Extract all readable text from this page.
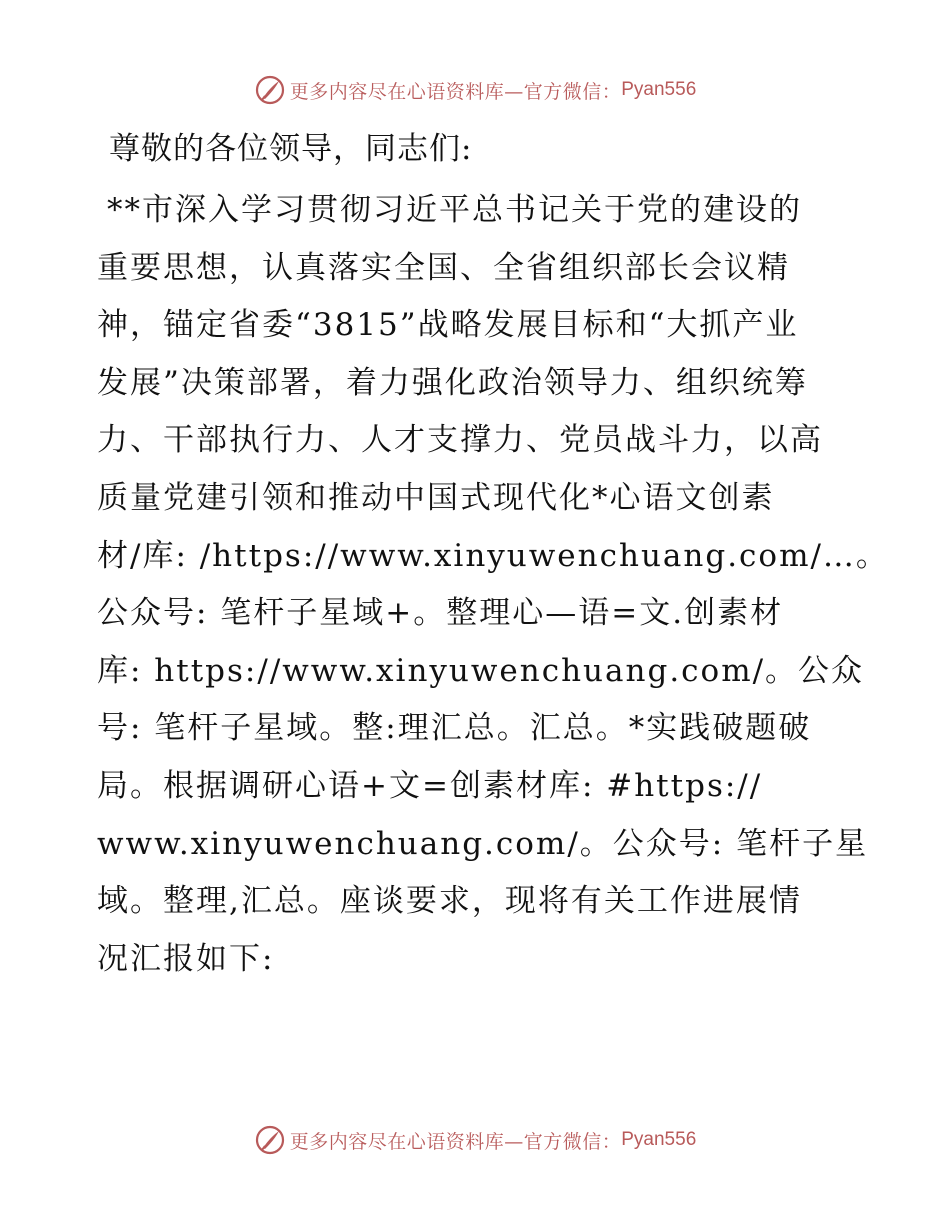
更多内容尽在心语资料库—官方微信： Pyan556
尊敬的各位领导，同志们:
**市深入学习贯彻习近平总书记关于党的建设的
重要思想，认真落实全国、全省组织部长会议精
神，锚定省委“3815”战略发展目标和“大抓产业
发展”决策部署，着力强化政治领导力、组织统筹
力、干部执行力、人才支撑力、党员战斗力，以高
质量党建引领和推动中国式现代化*心语文创素
材/库: /https://www.xinyuwenchuang.com/…。
公众号: 笔杆子星域+。整理心—语=文.创素材
库: https://www.xinyuwenchuang.com/。公众
号: 笔杆子星域。整:理汇总。汇总。*实践破题破
局。根据调研心语+文=创素材库: #https://
www.xinyuwenchuang.com/。公众号: 笔杆子星
域。整理,汇总。座谈要求，现将有关工作进展情
况汇报如下:
更多内容尽在心语资料库—官方微信： Pyan556
